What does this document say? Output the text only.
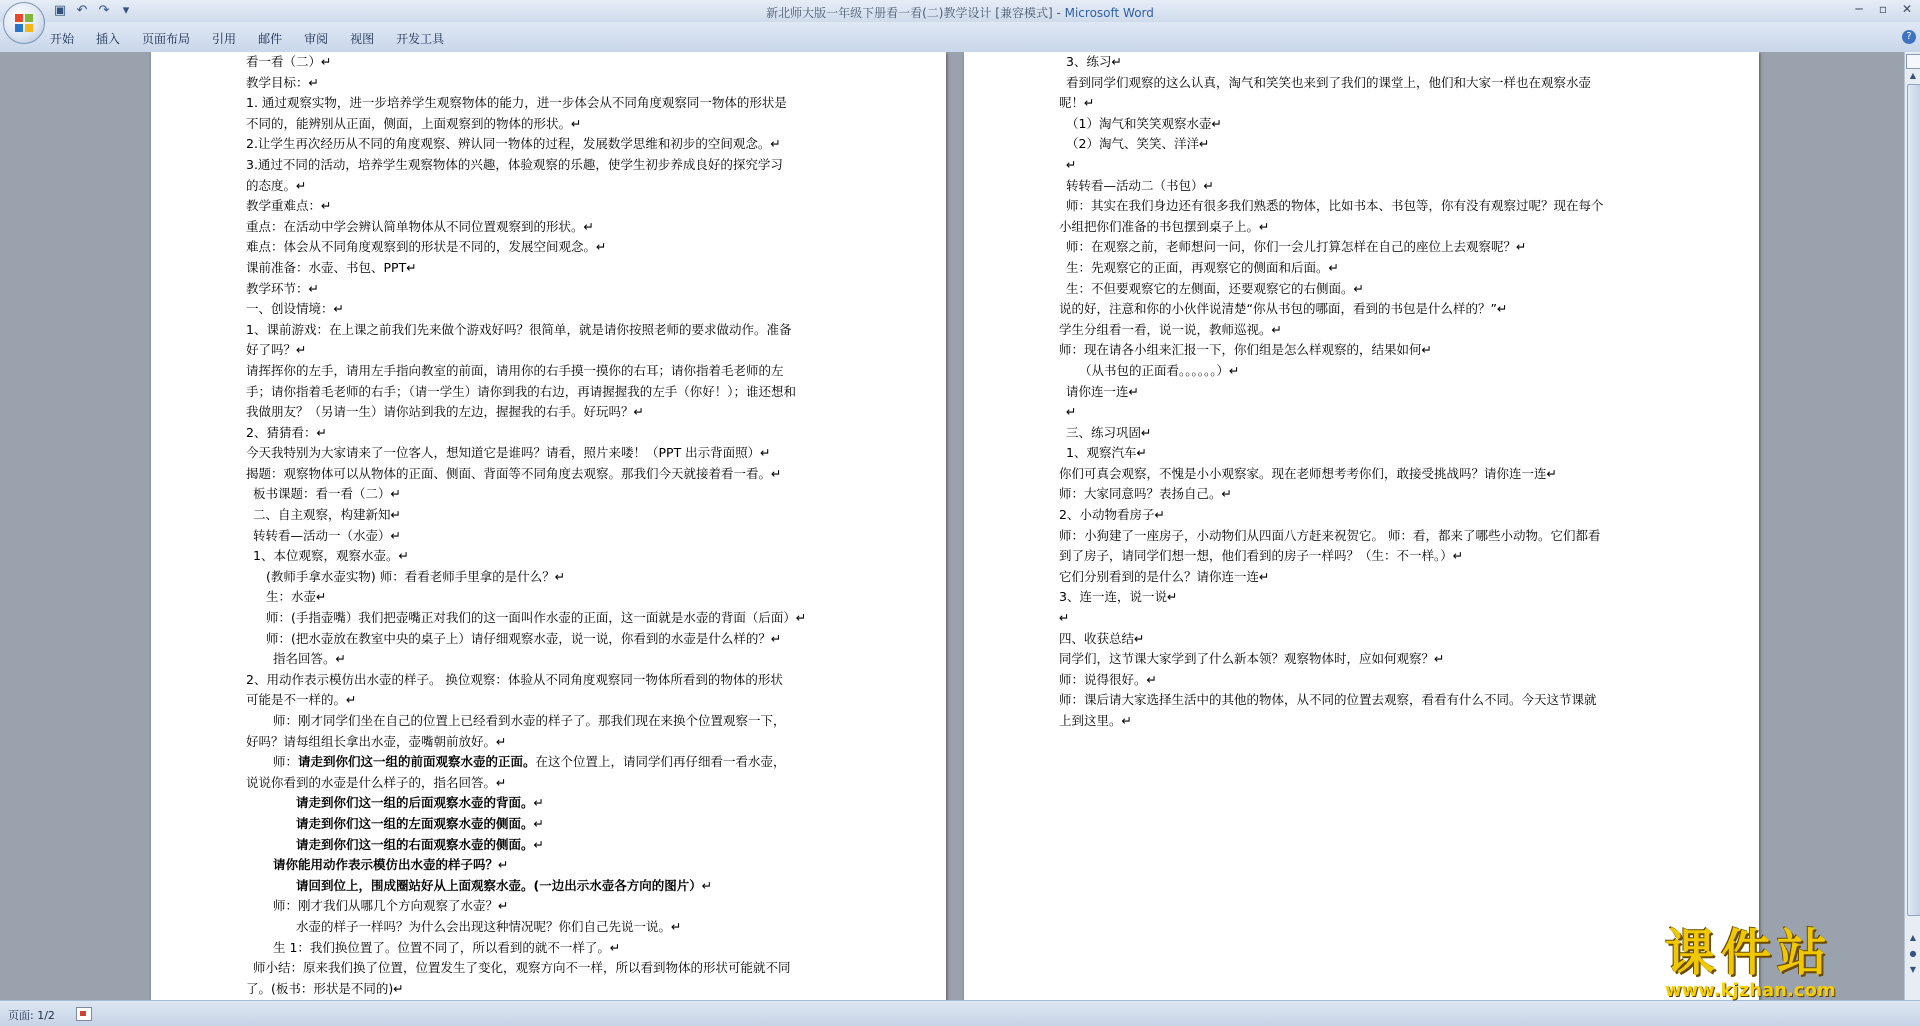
▣ ↶ ↷	▾	新北师大版一年级下册看一看(二)教学设计 [兼容模式] - Microsoft Word	─ ▫ ✕
开始 插入 页面布局 引用 邮件 审阅 视图 开发工具	?
看一看（二）↵
教学目标：↵
1. 通过观察实物，进一步培养学生观察物体的能力，进一步体会从不同角度观察同一物体的形状是
不同的，能辨别从正面，侧面，上面观察到的物体的形状。↵
2.让学生再次经历从不同的角度观察、辨认同一物体的过程，发展数学思维和初步的空间观念。↵
3.通过不同的活动，培养学生观察物体的兴趣，体验观察的乐趣，使学生初步养成良好的探究学习
的态度。↵
教学重难点：↵
重点：在活动中学会辨认简单物体从不同位置观察到的形状。↵
难点：体会从不同角度观察到的形状是不同的，发展空间观念。↵
课前准备：水壶、书包、PPT↵
教学环节：↵
一、创设情境：↵
1、课前游戏：在上课之前我们先来做个游戏好吗？很简单，就是请你按照老师的要求做动作。准备
好了吗？↵
请挥挥你的左手，请用左手指向教室的前面，请用你的右手摸一摸你的右耳；请你指着毛老师的左
手；请你指着毛老师的右手；（请一学生）请你到我的右边，再请握握我的左手（你好！）；谁还想和
我做朋友？（另请一生）请你站到我的左边，握握我的右手。好玩吗？↵
2、猜猜看：↵
今天我特别为大家请来了一位客人，想知道它是谁吗？请看，照片来喽！（PPT 出示背面照）↵
揭题：观察物体可以从物体的正面、侧面、背面等不同角度去观察。那我们今天就接着看一看。↵
板书课题：看一看（二）↵
二、自主观察，构建新知↵
转转看—活动一（水壶）↵
1、本位观察，观察水壶。↵
(教师手拿水壶实物) 师：看看老师手里拿的是什么？↵
生：水壶↵
师：(手指壶嘴）我们把壶嘴正对我们的这一面叫作水壶的正面，这一面就是水壶的背面（后面）↵
师：(把水壶放在教室中央的桌子上）请仔细观察水壶，说一说，你看到的水壶是什么样的？↵
指名回答。↵
2、用动作表示模仿出水壶的样子。 换位观察：体验从不同角度观察同一物体所看到的物体的形状
可能是不一样的。↵
师：刚才同学们坐在自己的位置上已经看到水壶的样子了。那我们现在来换个位置观察一下，
好吗？请每组组长拿出水壶，壶嘴朝前放好。↵
师：请走到你们这一组的前面观察水壶的正面。在这个位置上，请同学们再仔细看一看水壶，
说说你看到的水壶是什么样子的，指名回答。↵
请走到你们这一组的后面观察水壶的背面。↵
请走到你们这一组的左面观察水壶的侧面。↵
请走到你们这一组的右面观察水壶的侧面。↵
请你能用动作表示模仿出水壶的样子吗？↵
请回到位上，围成圈站好从上面观察水壶。(一边出示水壶各方向的图片）↵
师：刚才我们从哪几个方向观察了水壶？↵
水壶的样子一样吗？为什么会出现这种情况呢？你们自己先说一说。↵
生 1：我们换位置了。位置不同了，所以看到的就不一样了。↵
师小结：原来我们换了位置，位置发生了变化，观察方向不一样，所以看到物体的形状可能就不同
了。(板书：形状是不同的)↵
3、练习↵
看到同学们观察的这么认真，淘气和笑笑也来到了我们的课堂上，他们和大家一样也在观察水壶
呢！↵
（1）淘气和笑笑观察水壶↵
（2）淘气、笑笑、洋洋↵
↵
转转看—活动二（书包）↵
师：其实在我们身边还有很多我们熟悉的物体，比如书本、书包等，你有没有观察过呢？现在每个
小组把你们准备的书包摆到桌子上。↵
师：在观察之前，老师想问一问，你们一会儿打算怎样在自己的座位上去观察呢？↵
生：先观察它的正面，再观察它的侧面和后面。↵
生：不但要观察它的左侧面，还要观察它的右侧面。↵
说的好，注意和你的小伙伴说清楚“你从书包的哪面，看到的书包是什么样的？”↵
学生分组看一看，说一说，教师巡视。↵
师：现在请各小组来汇报一下，你们组是怎么样观察的，结果如何↵
（从书包的正面看。。。。。。）↵
请你连一连↵
↵
三、练习巩固↵
1、观察汽车↵
你们可真会观察，不愧是小小观察家。现在老师想考考你们，敢接受挑战吗？请你连一连↵
师：大家同意吗？表扬自己。↵
2、小动物看房子↵
师：小狗建了一座房子，小动物们从四面八方赶来祝贺它。 师：看，都来了哪些小动物。它们都看
到了房子，请同学们想一想，他们看到的房子一样吗？（生：不一样。）↵
它们分别看到的是什么？请你连一连↵
3、连一连，说一说↵
↵
四、收获总结↵
同学们，这节课大家学到了什么新本领？观察物体时，应如何观察？↵
师：说得很好。↵
师：课后请大家选择生活中的其他的物体，从不同的位置去观察，看看有什么不同。今天这节课就
上到这里。↵
▲
▲
●
▼
页面: 1/2
课件站
www.kjzhan.com
